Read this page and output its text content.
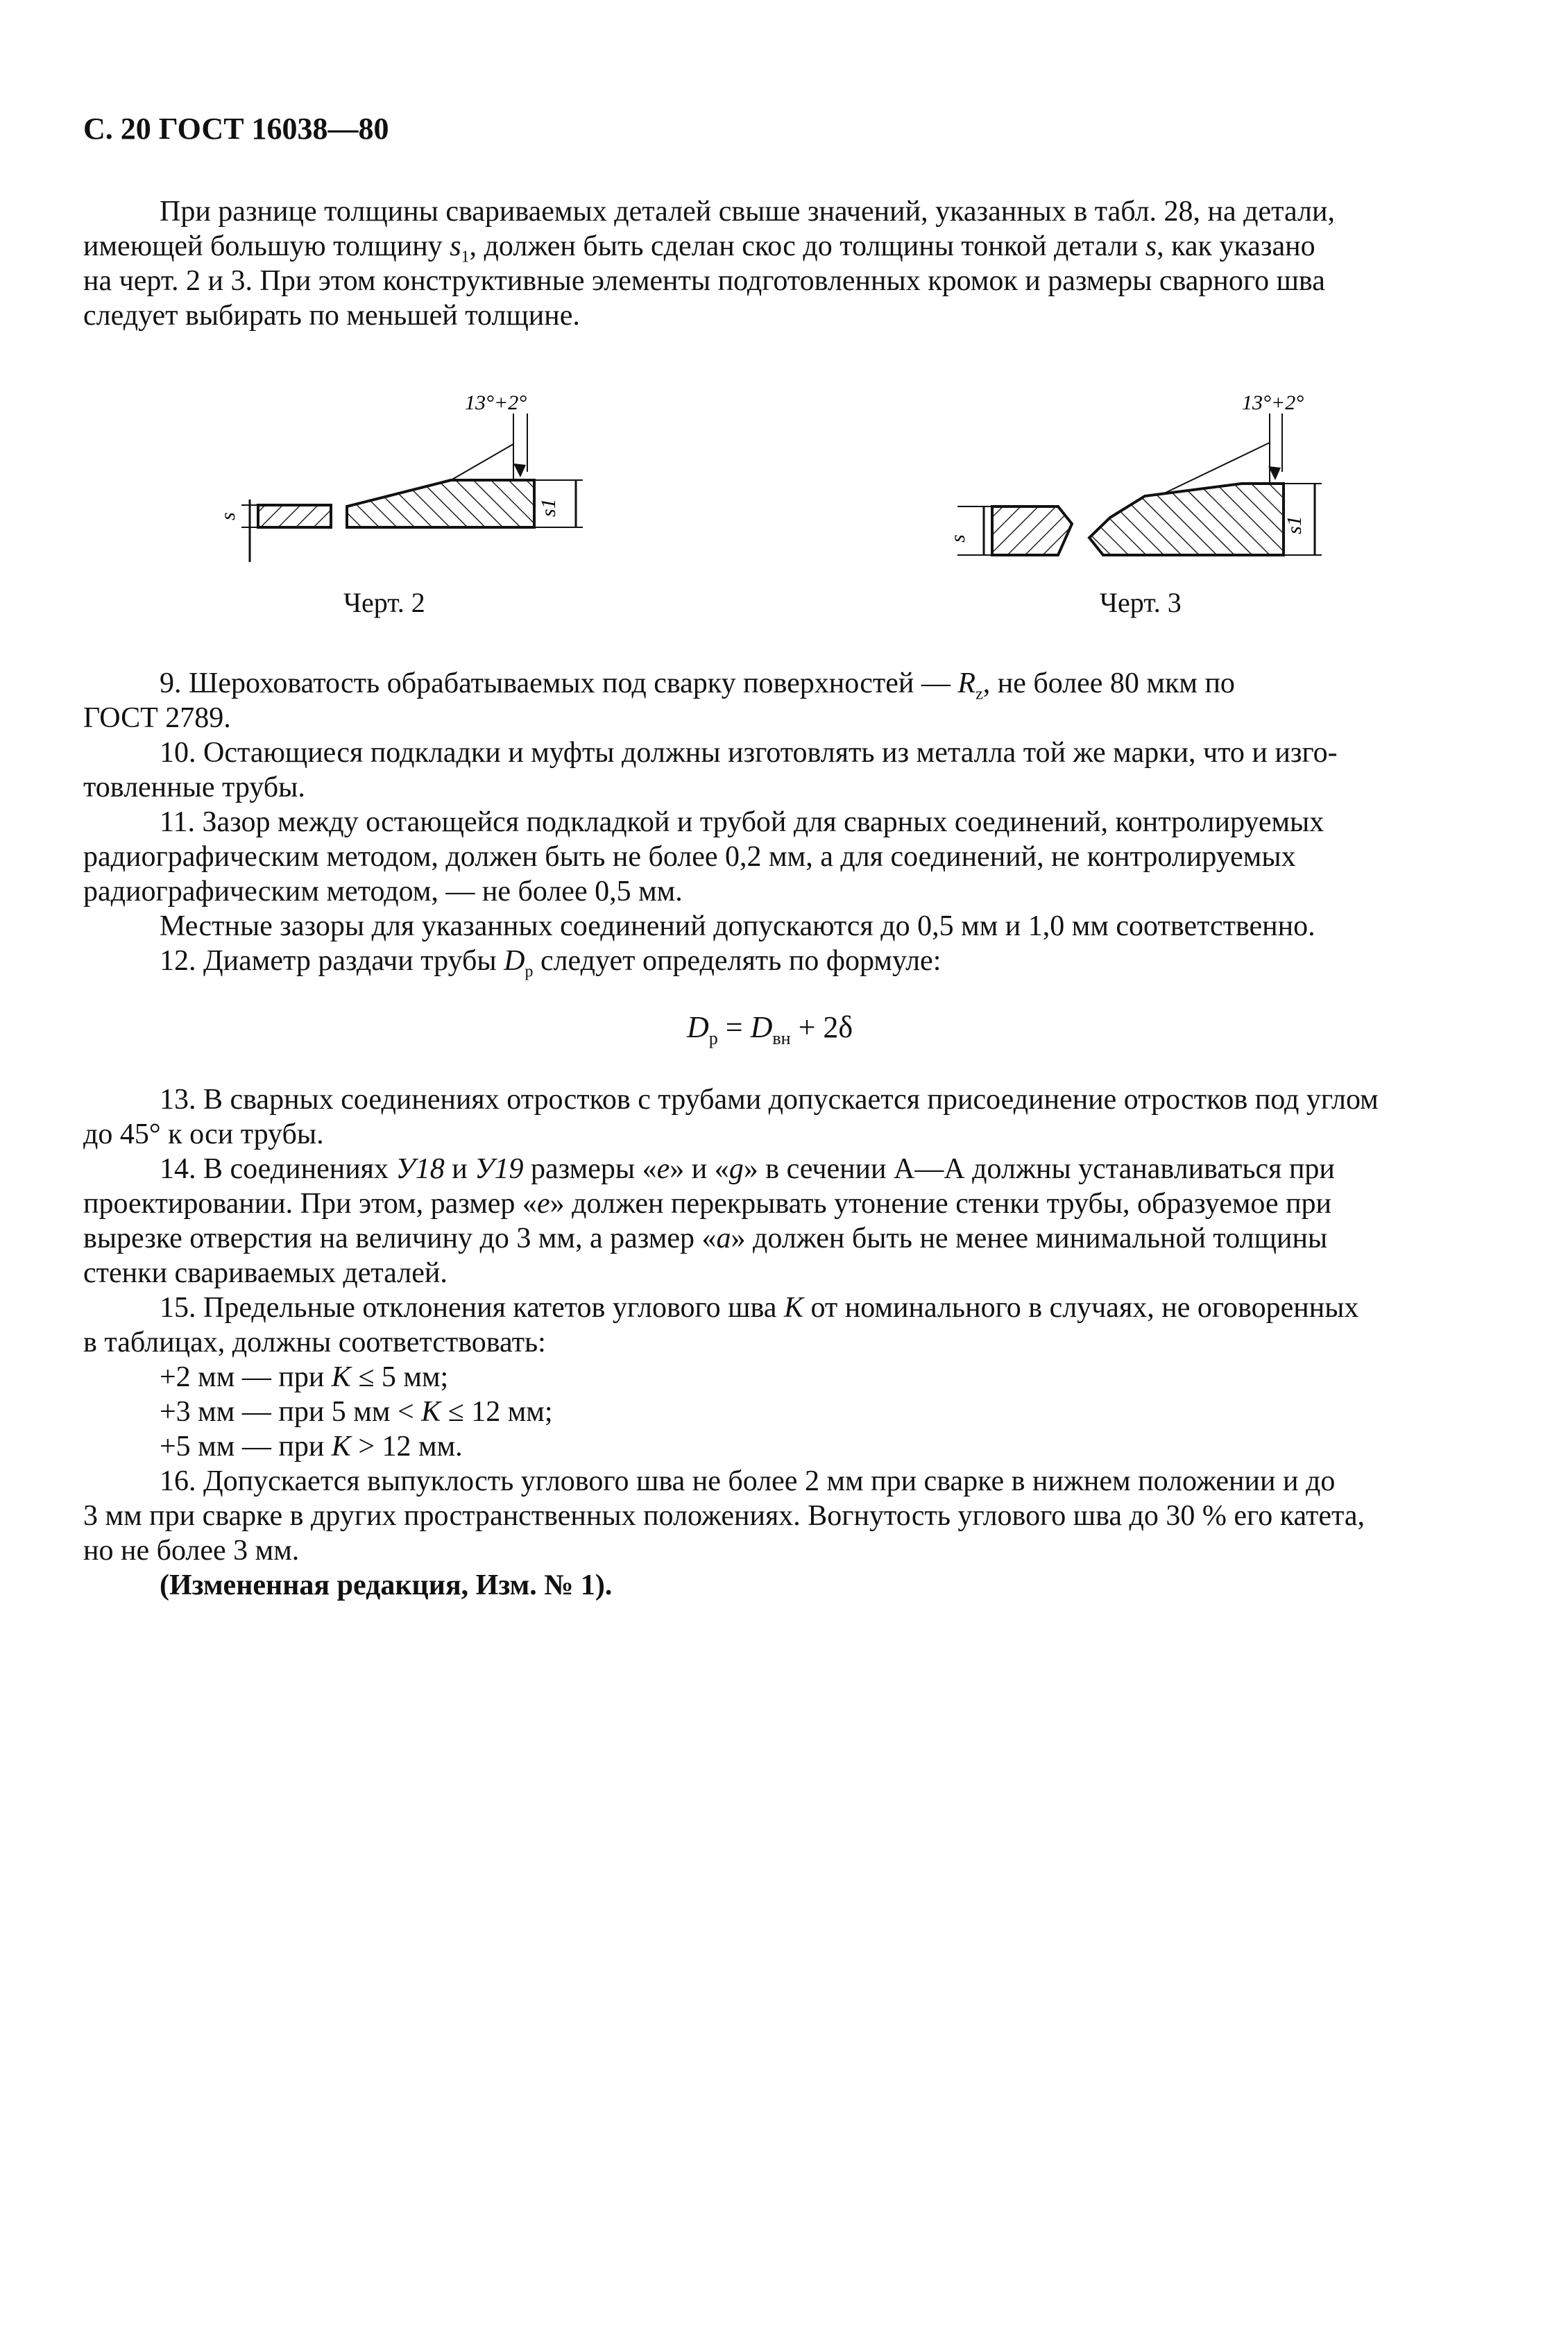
С. 20 ГОСТ 16038—80
При разнице толщины свариваемых деталей свыше значений, указанных в табл. 28, на детали,
имеющей большую толщину $s_1$, должен быть сделан скос до толщины тонкой детали s, как указано
на черт. 2 и 3. При этом конструктивные элементы подготовленных кромок и размеры сварного шва
следует выбирать по меньшей толщине.
s	s1
13°+2°
Черт. 2
s
s1
13°+2°
Черт. 3
9. Шероховатость обрабатываемых под сварку поверхностей — $R_z$, не более 80 мкм по
ГОСТ 2789.
10. Остающиеся подкладки и муфты должны изготовлять из металла той же марки, что и изго-
товленные трубы.
11. Зазор между остающейся подкладкой и трубой для сварных соединений, контролируемых
радиографическим методом, должен быть не более 0,2 мм, а для соединений, не контролируемых
радиографическим методом, — не более 0,5 мм.
Местные зазоры для указанных соединений допускаются до 0,5 мм и 1,0 мм соответственно.
12. Диаметр раздачи трубы $D_р$ следует определять по формуле:
$D_р = D_{вн} + 2\delta$
13. В сварных соединениях отростков с трубами допускается присоединение отростков под углом
до 45° к оси трубы.
14. В соединениях У18 и У19 размеры «е» и «g» в сечении А—А должны устанавливаться при
проектировании. При этом, размер «е» должен перекрывать утонение стенки трубы, образуемое при
вырезке отверстия на величину до 3 мм, а размер «а» должен быть не менее минимальной толщины
стенки свариваемых деталей.
15. Предельные отклонения катетов углового шва K от номинального в случаях, не оговоренных
в таблицах, должны соответствовать:
+2 мм — при K ≤ 5 мм;
+3 мм — при 5 мм < K ≤ 12 мм;
+5 мм — при K > 12 мм.
16. Допускается выпуклость углового шва не более 2 мм при сварке в нижнем положении и до
3 мм при сварке в других пространственных положениях. Вогнутость углового шва до 30 % его катета,
но не более 3 мм.
(Измененная редакция, Изм. № 1).
